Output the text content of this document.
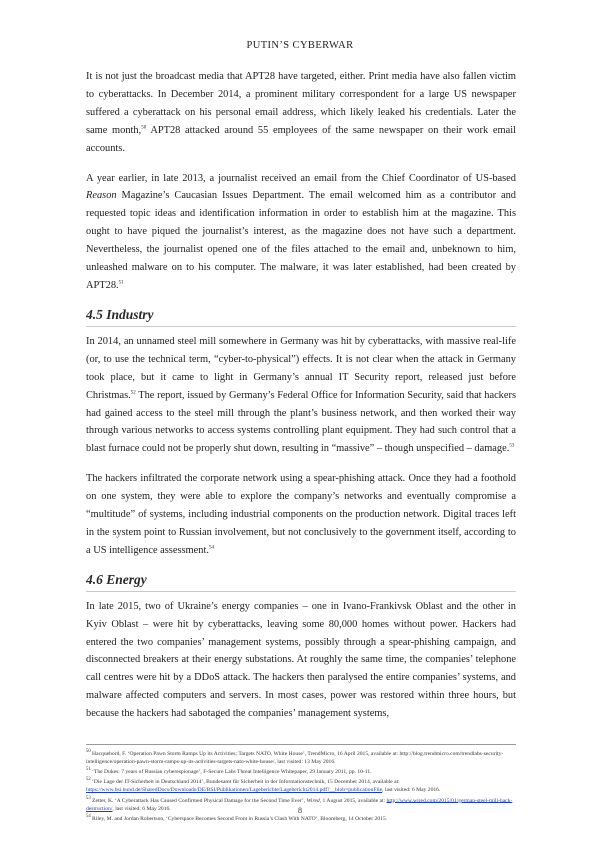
PUTIN’S CYBERWAR

It is not just the broadcast media that APT28 have targeted, either. Print media have also fallen victim to cyberattacks. In December 2014, a prominent military correspondent for a large US newspaper suffered a cyberattack on his personal email address, which likely leaked his credentials. Later the same month,$^{50}$ APT28 attacked around 55 employees of the same newspaper on their work email accounts.

A year earlier, in late 2013, a journalist received an email from the Chief Coordinator of US-based Reason Magazine’s Caucasian Issues Department. The email welcomed him as a contributor and requested topic ideas and identification information in order to establish him at the magazine. This ought to have piqued the journalist’s interest, as the magazine does not have such a department. Nevertheless, the journalist opened one of the files attached to the email and, unbeknown to him, unleashed malware on to his computer. The malware, it was later established, had been created by APT28.51

4.5 Industry

In 2014, an unnamed steel mill somewhere in Germany was hit by cyberattacks, with massive real-life (or, to use the technical term, “cyber-to-physical”) effects. It is not clear when the attack in Germany took place, but it came to light in Germany’s annual IT Security report, released just before Christmas.$^{52}$ The report, issued by Germany’s Federal Office for Information Security, said that hackers had gained access to the steel mill through the plant’s business network, and then worked their way through various networks to access systems controlling plant equipment. They had such control that a blast furnace could not be properly shut down, resulting in “massive” – though unspecified – damage.$^{53}$

The hackers infiltrated the corporate network using a spear-phishing attack. Once they had a foothold on one system, they were able to explore the company’s networks and eventually compromise a “multitude” of systems, including industrial components on the production network. Digital traces left in the system point to Russian involvement, but not conclusively to the government itself, according to a US intelligence assessment.$^{54}$

4.6 Energy

In late 2015, two of Ukraine’s energy companies – one in Ivano-Frankivsk Oblast and the other in Kyiv Oblast – were hit by cyberattacks, leaving some 80,000 homes without power. Hackers had entered the two companies’ management systems, possibly through a spear-phishing campaign, and disconnected breakers at their energy substations. At roughly the same time, the companies’ telephone call centres were hit by a DDoS attack. The hackers then paralysed the entire companies’ systems, and malware affected computers and servers. In most cases, power was restored within three hours, but because the hackers had sabotaged the companies’ management systems,

$^{50}$ Hacquebord, F. ‘Operation Pawn Storm Ramps Up its Activities; Targets NATO, White House’, TrendMicro, 16 April 2015, available at: http://blog.trendmicro.com/trendlabs-security-intelligence/operation-pawn-storm-ramps-up-its-activities-targets-nato-white-house/, last visited: 13 May 2016.

$^{51}$ ‘The Dukes: 7 years of Russian cyberespionage’, F-Secure Labs Threat Intelligence Whitepaper, 29 January 2011, pp. 10-11.

$^{52}$ ‘Die Lage der IT-Sicherheit in Deutschland 2014’, Bundesamt für Sicherheit in der Informationstechnik, 15 December 2014, available at: https://www.bsi.bund.de/SharedDocs/Downloads/DE/BSI/Publikationen/Lageberichte/Lagebericht2014.pdf?__blob=publicationFile, last visited: 6 May 2016.

$^{53}$ Zetter, K. ‘A Cyberattack Has Caused Confirmed Physical Damage for the Second Time Ever’, Wired, 1 August 2015, available at: http://www.wired.com/2015/01/german-steel-mill-hack-destruction/, last visited: 6 May 2016.

$^{54}$ Riley, M. and Jordan Robertson, ‘Cyberspace Becomes Second Front in Russia’s Clash With NATO’, Bloomberg, 14 October 2015.

8
